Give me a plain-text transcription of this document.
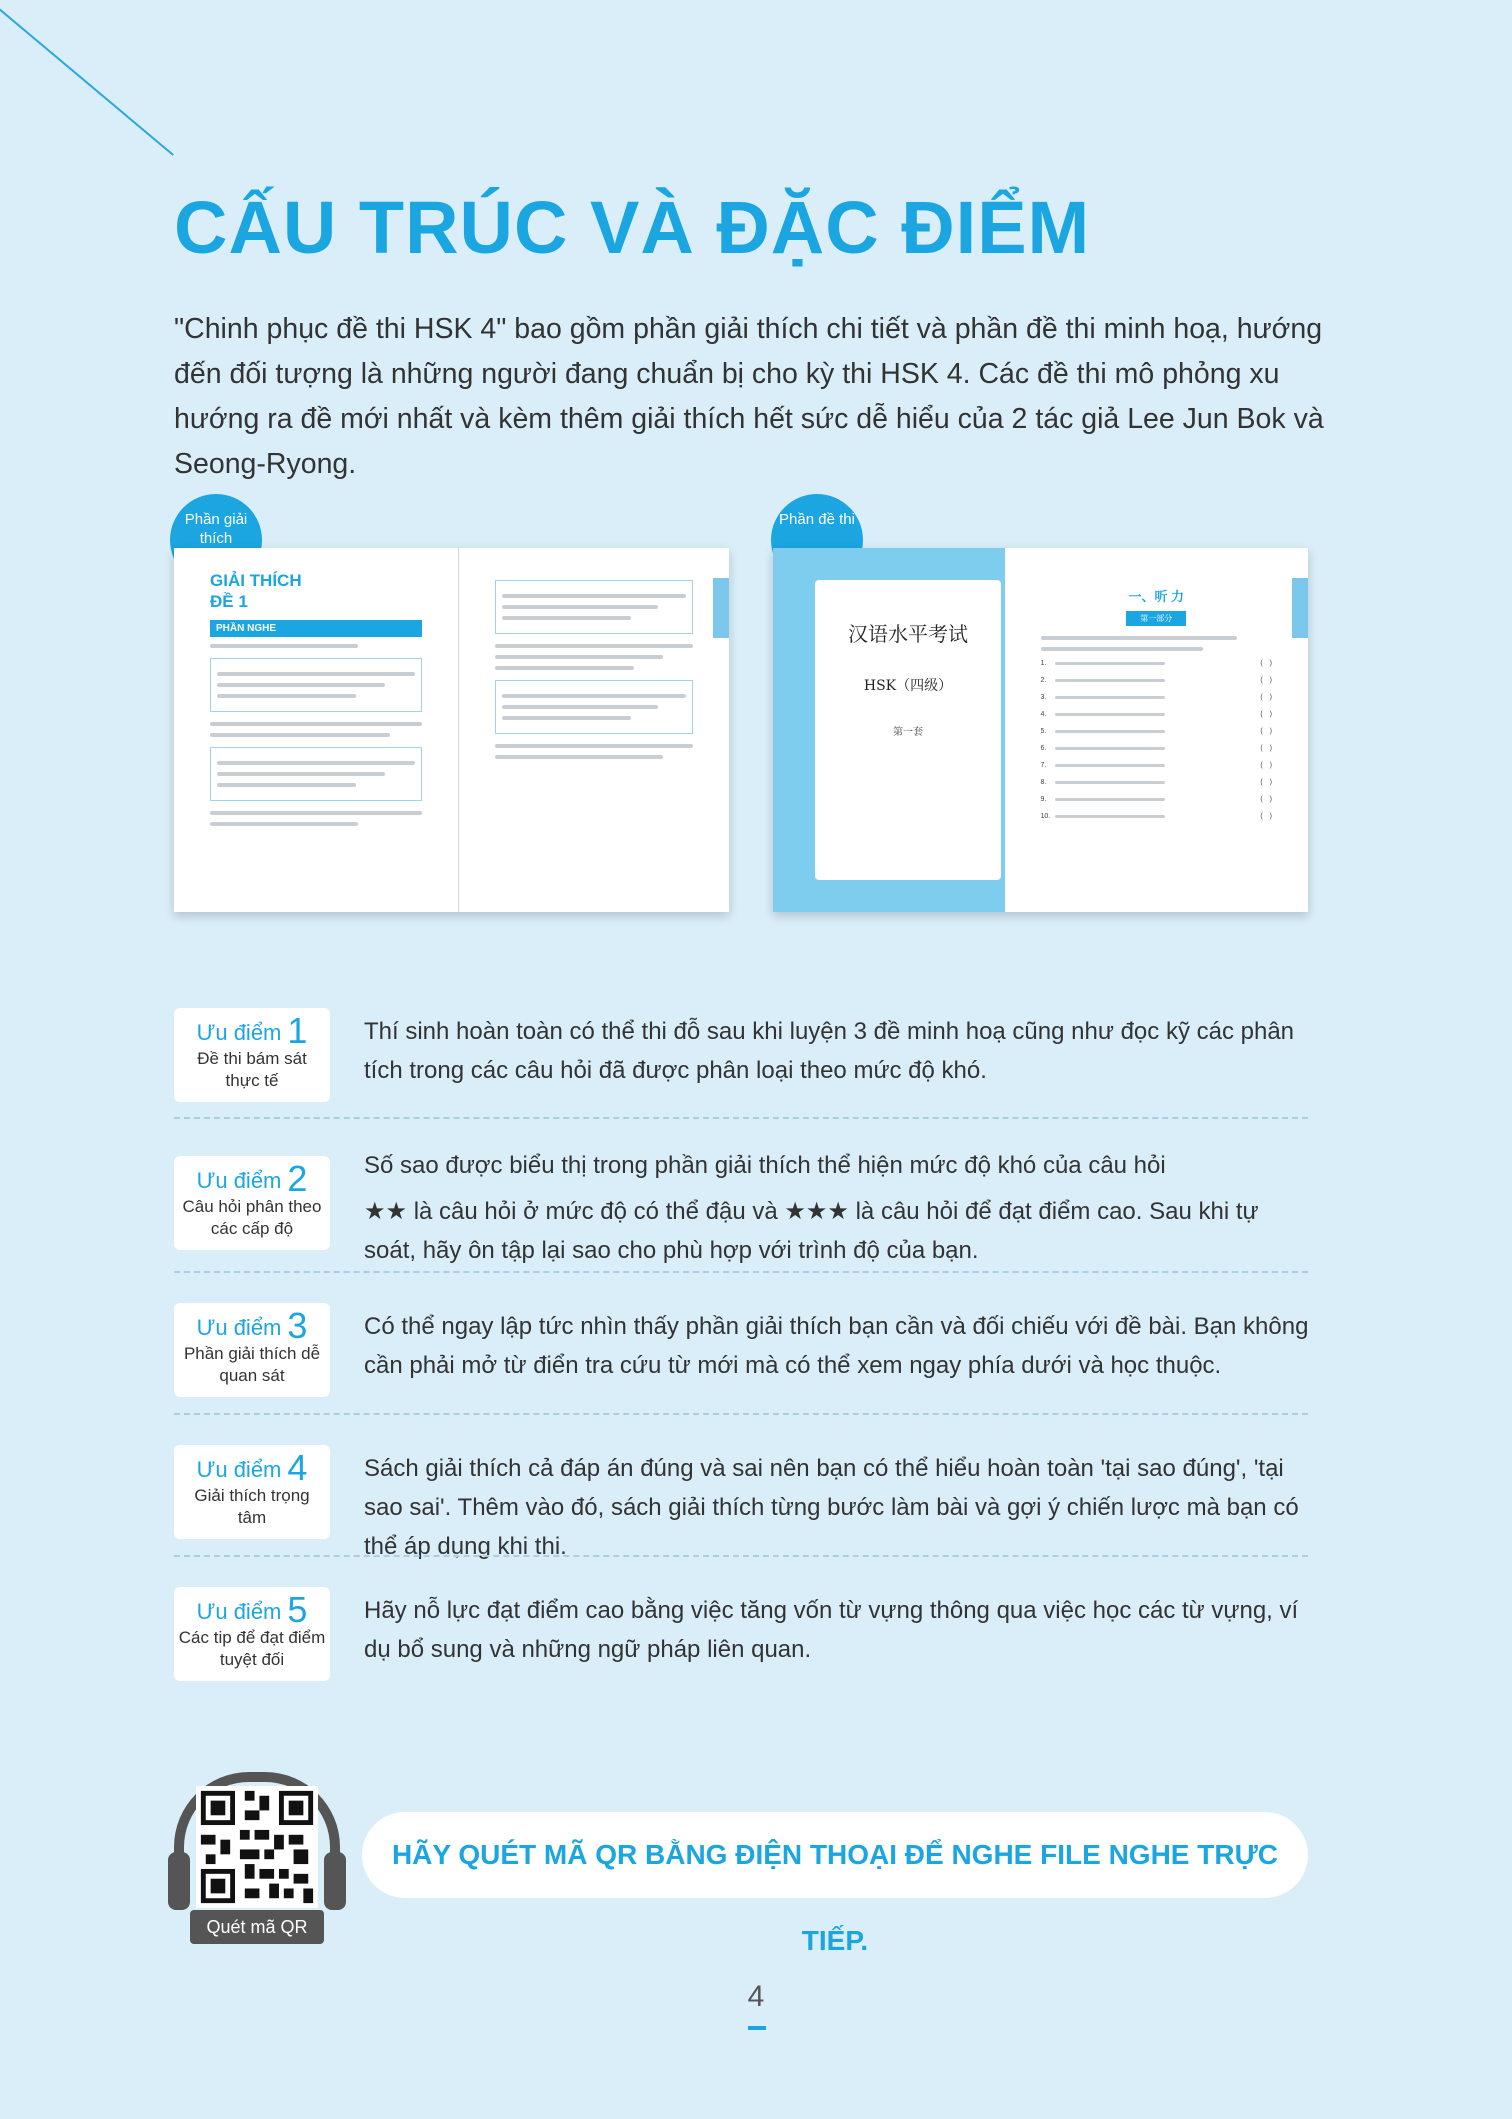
CẤU TRÚC VÀ ĐẶC ĐIỂM

"Chinh phục đề thi HSK 4" bao gồm phần giải thích chi tiết và phần đề thi minh hoạ, hướng đến đối tượng là những người đang chuẩn bị cho kỳ thi HSK 4. Các đề thi mô phỏng xu hướng ra đề mới nhất và kèm thêm giải thích hết sức dễ hiểu của 2 tác giả Lee Jun Bok và Seong-Ryong.

Phần giải thích
GIẢI THÍCH
ĐỀ 1
PHẦN NGHE
Phần đề thi
汉语水平考试
HSK（四级）
第一套
一、听 力
第一部分
1.	(　)
2.	(　)
3.	(　)
4.	(　)
5.	(　)
6.	(　)
7.	(　)
8.	(　)
9.	(　)
10.	(　)
Ưu điểm 1
Đề thi bám sát thực tế

Thí sinh hoàn toàn có thể thi đỗ sau khi luyện 3 đề minh hoạ cũng như đọc kỹ các phân tích trong các câu hỏi đã được phân loại theo mức độ khó.

Ưu điểm 2
Câu hỏi phân theo các cấp độ

Số sao được biểu thị trong phần giải thích thể hiện mức độ khó của câu hỏi

★★ là câu hỏi ở mức độ có thể đậu và ★★★ là câu hỏi để đạt điểm cao. Sau khi tự soát, hãy ôn tập lại sao cho phù hợp với trình độ của bạn.

Ưu điểm 3
Phần giải thích dễ quan sát

Có thể ngay lập tức nhìn thấy phần giải thích bạn cần và đối chiếu với đề bài. Bạn không cần phải mở từ điển tra cứu từ mới mà có thể xem ngay phía dưới và học thuộc.

Ưu điểm 4
Giải thích trọng tâm

Sách giải thích cả đáp án đúng và sai nên bạn có thể hiểu hoàn toàn 'tại sao đúng', 'tại sao sai'. Thêm vào đó, sách giải thích từng bước làm bài và gợi ý chiến lược mà bạn có thể áp dụng khi thi.

Ưu điểm 5
Các tip để đạt điểm tuyệt đối

Hãy nỗ lực đạt điểm cao bằng việc tăng vốn từ vựng thông qua việc học các từ vựng, ví dụ bổ sung và những ngữ pháp liên quan.

Quét mã QR
HÃY QUÉT MÃ QR BẰNG ĐIỆN THOẠI ĐỂ NGHE FILE NGHE TRỰC TIẾP.
4
